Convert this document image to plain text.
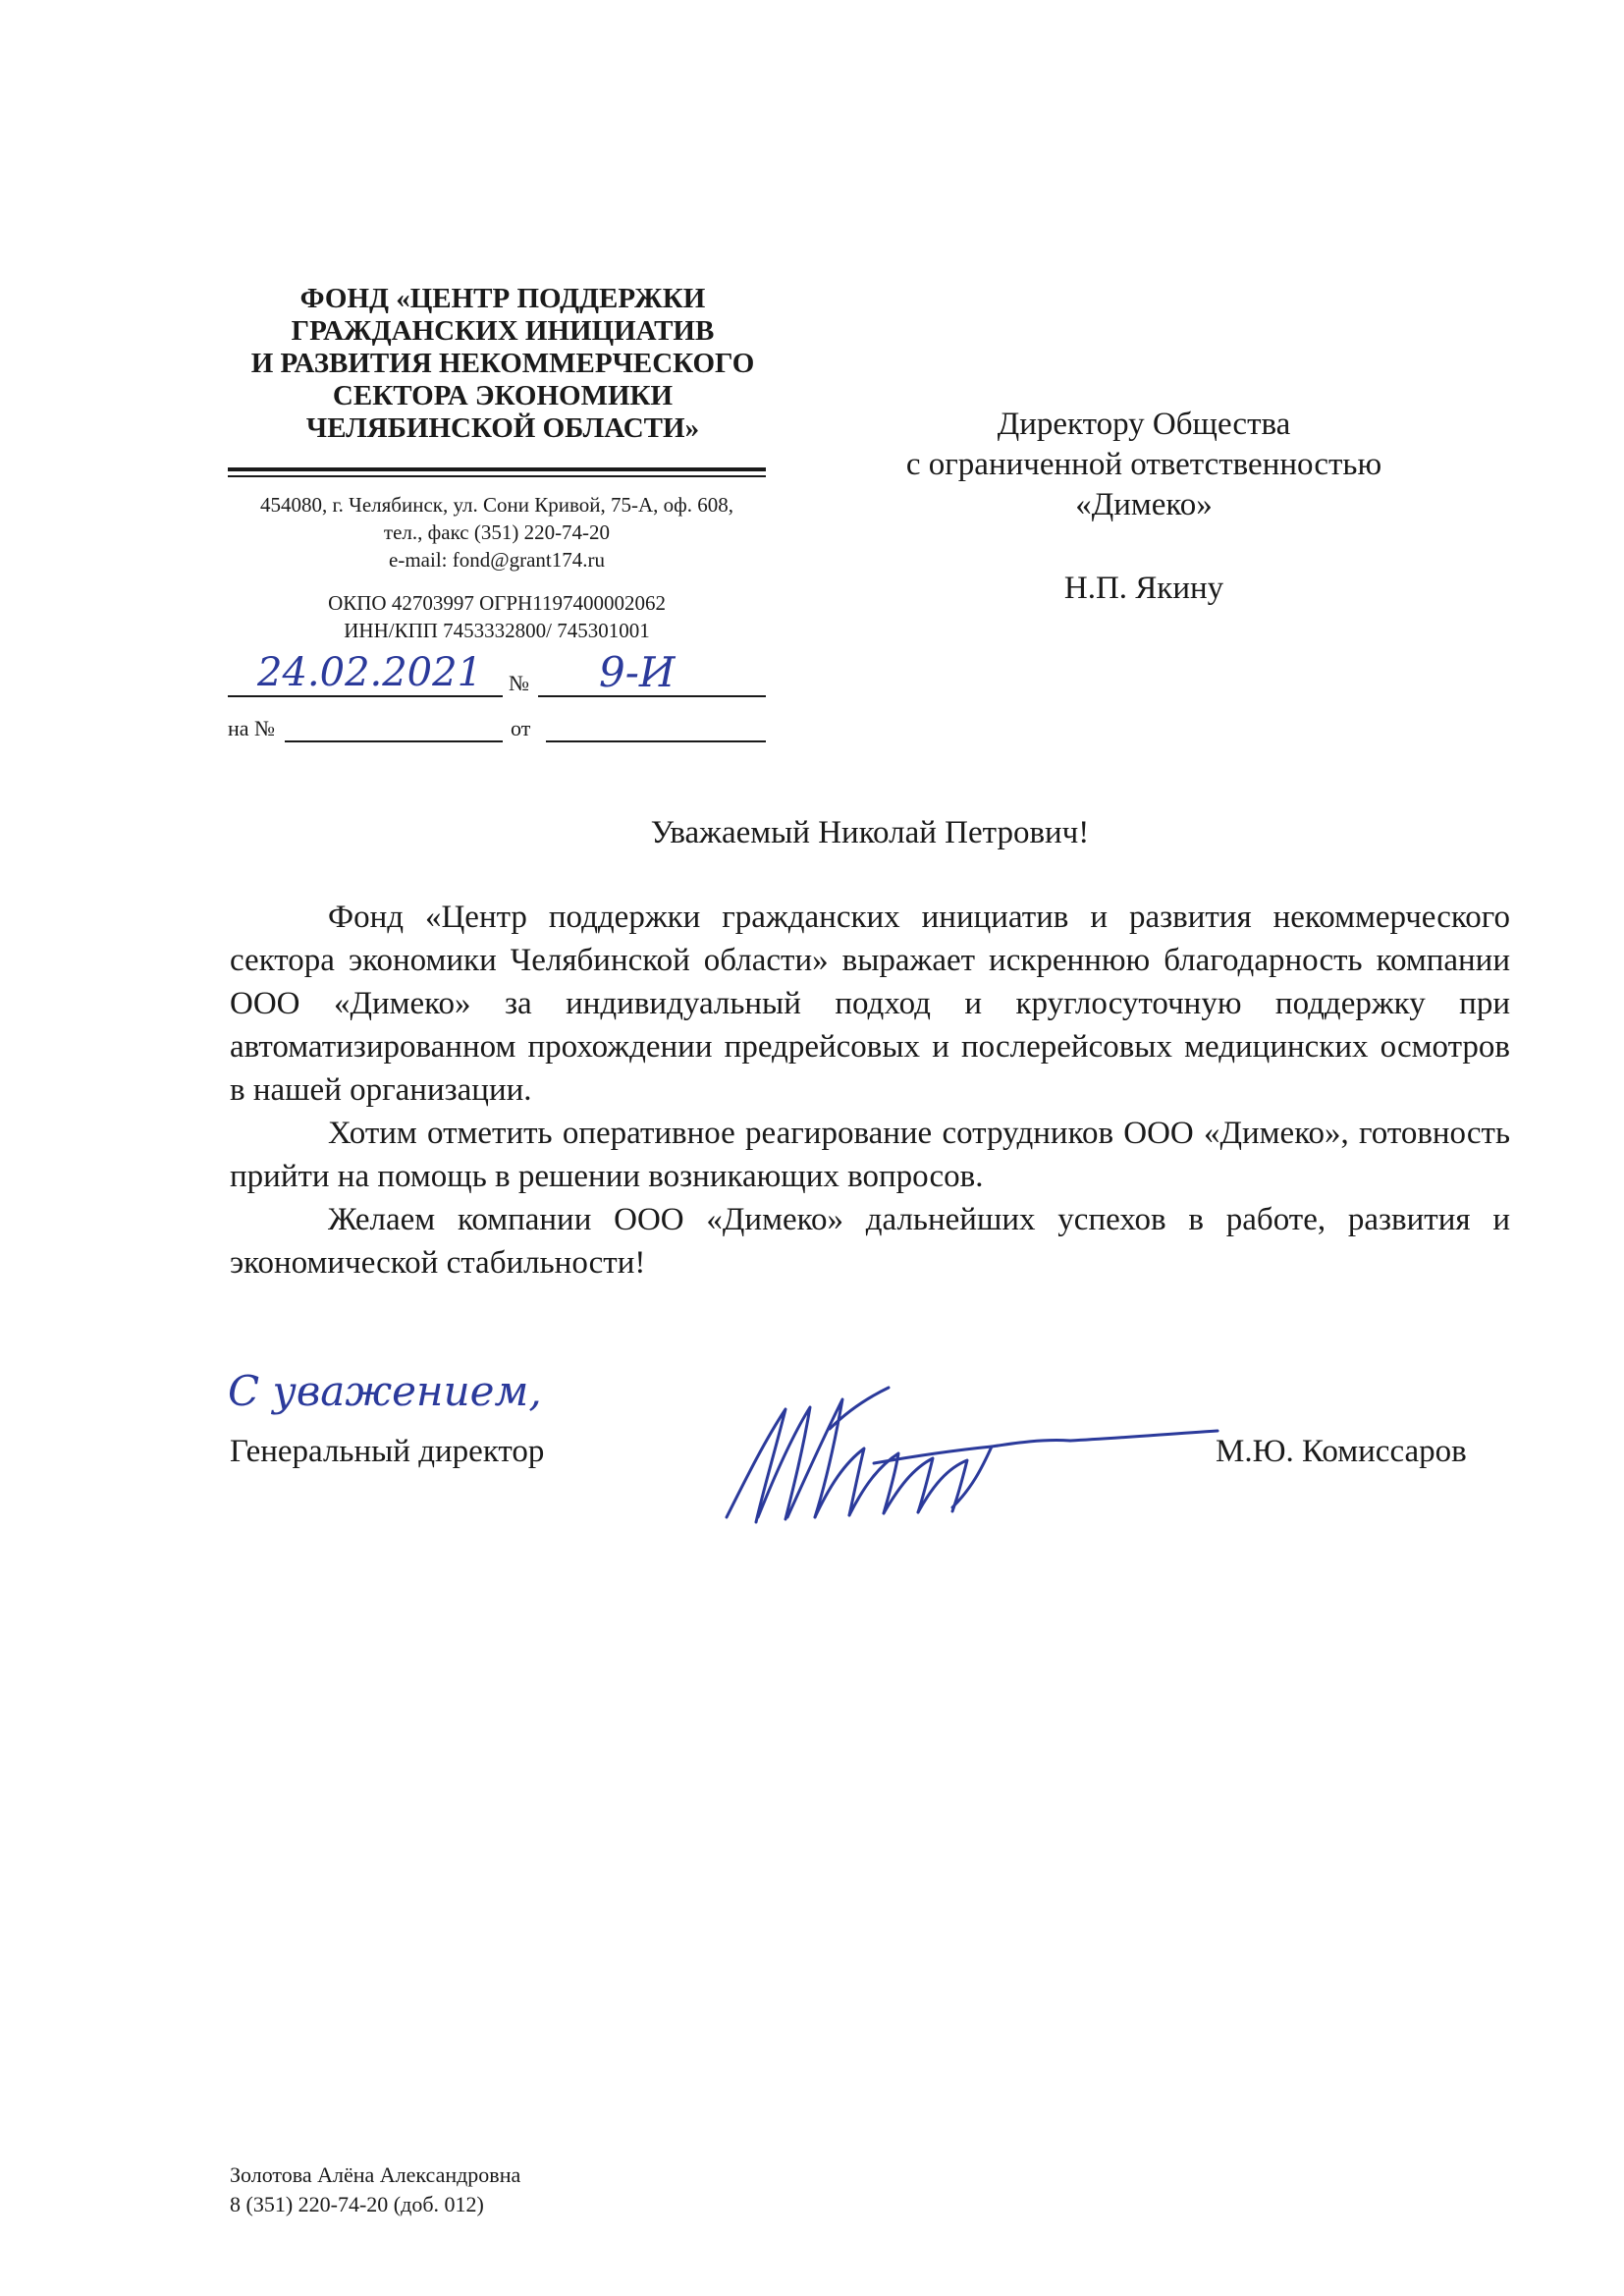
ФОНД «ЦЕНТР ПОДДЕРЖКИ
ГРАЖДАНСКИХ ИНИЦИАТИВ
И РАЗВИТИЯ НЕКОММЕРЧЕСКОГО
СЕКТОРА ЭКОНОМИКИ
ЧЕЛЯБИНСКОЙ ОБЛАСТИ»
454080, г. Челябинск, ул. Сони Кривой, 75-А, оф. 608,
тел., факс (351) 220-74-20
e-mail: fond@grant174.ru
ОКПО 42703997 ОГРН1197400002062
ИНН/КПП 7453332800/ 745301001
24.02.2021 № 9-И
на №	от
Директору Общества
с ограниченной ответственностью
«Димеко»
Н.П. Якину
Уважаемый Николай Петрович!

Фонд «Центр поддержки гражданских инициатив и развития некоммерческого сектора экономики Челябинской области» выражает искреннюю благодарность компании ООО «Димеко» за индивидуальный подход и круглосуточную поддержку при автоматизированном прохождении предрейсовых и послерейсовых медицинских осмотров в нашей организации.

Хотим отметить оперативное реагирование сотрудников ООО «Димеко», готовность прийти на помощь в решении возникающих вопросов.

Желаем компании ООО «Димеко» дальнейших успехов в работе, развития и экономической стабильности!

С уважением,
Генеральный директор	М.Ю. Комиссаров
Золотова Алёна Александровна
8 (351) 220-74-20 (доб. 012)
